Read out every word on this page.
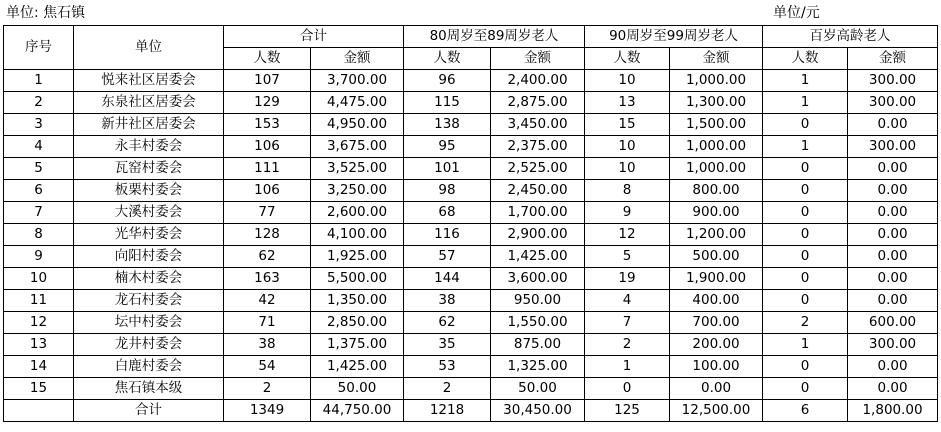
单位: 焦石镇	单位/元
序号	单位	合计		80周岁至89周岁老人		90周岁至99周岁老人		百岁高龄老人	
		人数	金额	人数	金额	人数	金额	人数	金额
1	悦来社区居委会	107	3,700.00	96	2,400.00	10	1,000.00	1	300.00
2	东泉社区居委会	129	4,475.00	115	2,875.00	13	1,300.00	1	300.00
3	新井社区居委会	153	4,950.00	138	3,450.00	15	1,500.00	0	0.00
4	永丰村委会	106	3,675.00	95	2,375.00	10	1,000.00	1	300.00
5	瓦窑村委会	111	3,525.00	101	2,525.00	10	1,000.00	0	0.00
6	板栗村委会	106	3,250.00	98	2,450.00	8	800.00	0	0.00
7	大溪村委会	77	2,600.00	68	1,700.00	9	900.00	0	0.00
8	光华村委会	128	4,100.00	116	2,900.00	12	1,200.00	0	0.00
9	向阳村委会	62	1,925.00	57	1,425.00	5	500.00	0	0.00
10	楠木村委会	163	5,500.00	144	3,600.00	19	1,900.00	0	0.00
11	龙石村委会	42	1,350.00	38	950.00	4	400.00	0	0.00
12	坛中村委会	71	2,850.00	62	1,550.00	7	700.00	2	600.00
13	龙井村委会	38	1,375.00	35	875.00	2	200.00	1	300.00
14	白鹿村委会	54	1,425.00	53	1,325.00	1	100.00	0	0.00
15	焦石镇本级	2	50.00	2	50.00	0	0.00	0	0.00
	合计	1349	44,750.00	1218	30,450.00	125	12,500.00	6	1,800.00
